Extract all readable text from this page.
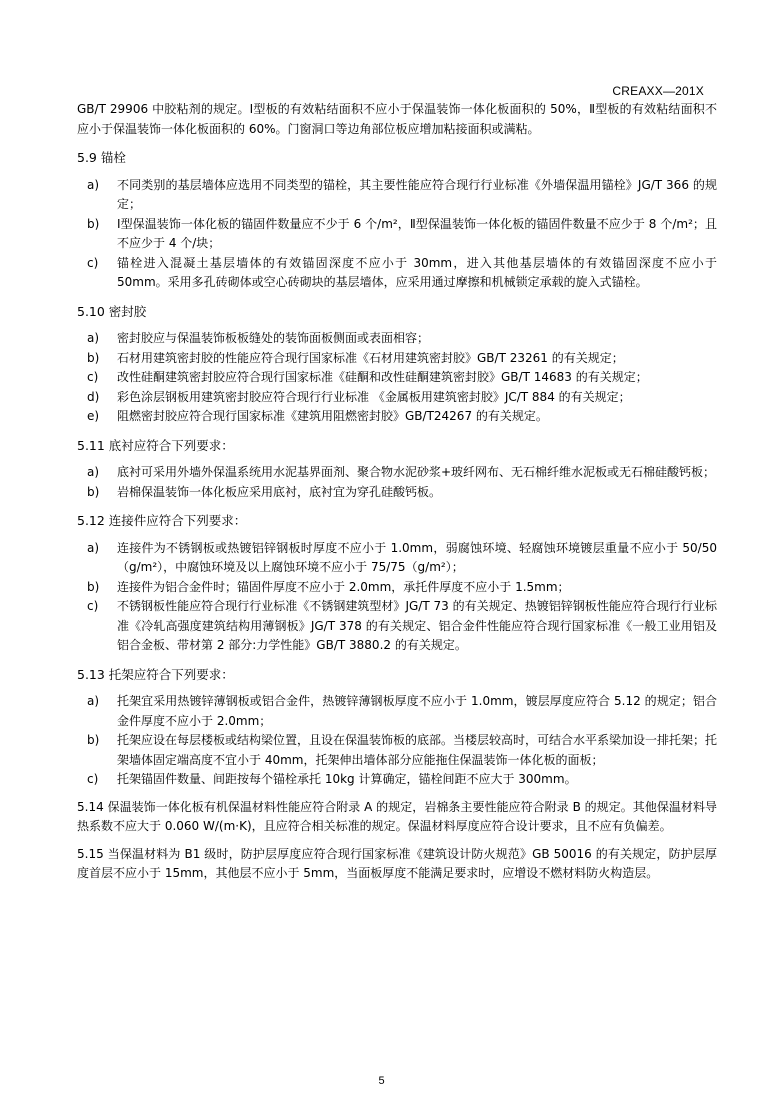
CREAXX—201X

GB/T 29906 中胶粘剂的规定。Ⅰ型板的有效粘结面积不应小于保温装饰一体化板面积的 50%，Ⅱ型板的有效粘结面积不应小于保温装饰一体化板面积的 60%。门窗洞口等边角部位板应增加粘接面积或满粘。

5.9 锚栓
a)	不同类别的基层墙体应选用不同类型的锚栓，其主要性能应符合现行行业标准《外墙保温用锚栓》JG/T 366 的规定；
b)	Ⅰ型保温装饰一体化板的锚固件数量应不少于 6 个/m²，Ⅱ型保温装饰一体化板的锚固件数量不应少于 8 个/m²；且不应少于 4 个/块；
c)	锚栓进入混凝土基层墙体的有效锚固深度不应小于 30mm，进入其他基层墙体的有效锚固深度不应小于 50mm。采用多孔砖砌体或空心砖砌块的基层墙体，应采用通过摩擦和机械锁定承载的旋入式锚栓。
5.10 密封胶
a)	密封胶应与保温装饰板板缝处的装饰面板侧面或表面相容；
b)	石材用建筑密封胶的性能应符合现行国家标准《石材用建筑密封胶》GB/T 23261 的有关规定；
c)	改性硅酮建筑密封胶应符合现行国家标准《硅酮和改性硅酮建筑密封胶》GB/T 14683 的有关规定；
d)	彩色涂层钢板用建筑密封胶应符合现行行业标准 《金属板用建筑密封胶》JC/T 884 的有关规定；
e)	阻燃密封胶应符合现行国家标准《建筑用阻燃密封胶》GB/T24267 的有关规定。
5.11 底衬应符合下列要求：
a)	底衬可采用外墙外保温系统用水泥基界面剂、聚合物水泥砂浆+玻纤网布、无石棉纤维水泥板或无石棉硅酸钙板；
b)	岩棉保温装饰一体化板应采用底衬，底衬宜为穿孔硅酸钙板。
5.12 连接件应符合下列要求：
a)	连接件为不锈钢板或热镀铝锌钢板时厚度不应小于 1.0mm，弱腐蚀环境、轻腐蚀环境镀层重量不应小于 50/50（g/m²），中腐蚀环境及以上腐蚀环境不应小于 75/75（g/m²）；
b)	连接件为铝合金件时；锚固件厚度不应小于 2.0mm，承托件厚度不应小于 1.5mm；
c)	不锈钢板性能应符合现行行业标准《不锈钢建筑型材》JG/T 73 的有关规定、热镀铝锌钢板性能应符合现行行业标准《冷轧高强度建筑结构用薄钢板》JG/T 378 的有关规定、铝合金件性能应符合现行国家标准《一般工业用铝及铝合金板、带材第 2 部分:力学性能》GB/T 3880.2 的有关规定。
5.13 托架应符合下列要求：
a)	托架宜采用热镀锌薄钢板或铝合金件，热镀锌薄钢板厚度不应小于 1.0mm，镀层厚度应符合 5.12 的规定；铝合金件厚度不应小于 2.0mm；
b)	托架应设在每层楼板或结构梁位置，且设在保温装饰板的底部。当楼层较高时，可结合水平系梁加设一排托架；托架墙体固定端高度不宜小于 40mm，托架伸出墙体部分应能拖住保温装饰一体化板的面板；
c)	托架锚固件数量、间距按每个锚栓承托 10kg 计算确定，锚栓间距不应大于 300mm。

5.14 保温装饰一体化板有机保温材料性能应符合附录 A 的规定，岩棉条主要性能应符合附录 B 的规定。其他保温材料导热系数不应大于 0.060 W/(m·K)，且应符合相关标准的规定。保温材料厚度应符合设计要求，且不应有负偏差。

5.15 当保温材料为 B1 级时，防护层厚度应符合现行国家标准《建筑设计防火规范》GB 50016 的有关规定，防护层厚度首层不应小于 15mm，其他层不应小于 5mm，当面板厚度不能满足要求时，应增设不燃材料防火构造层。

5
